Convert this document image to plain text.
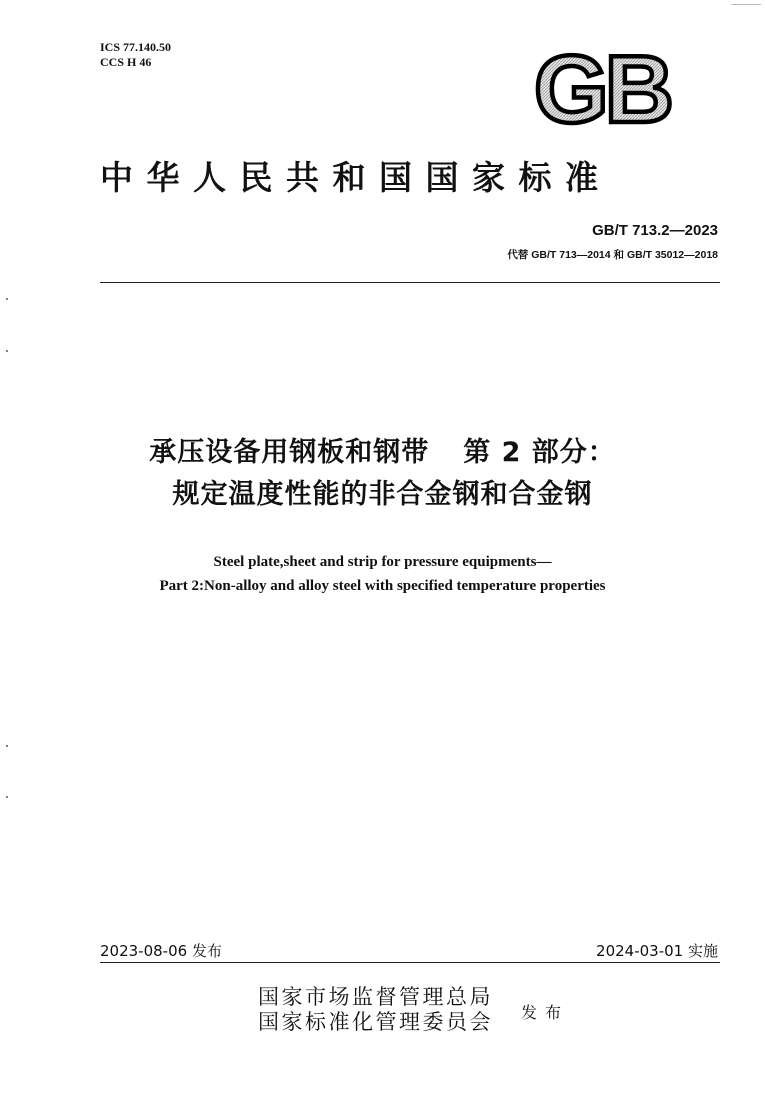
ICS 77.140.50
CCS H 46	GB
中华人民共和国国家标准
GB/T 713.2—2023
代替 GB/T 713—2014 和 GB/T 35012—2018
承压设备用钢板和钢带 第 2 部分：
规定温度性能的非合金钢和合金钢
Steel plate,sheet and strip for pressure equipments—
Part 2:Non-alloy and alloy steel with specified temperature properties
2023-08-06 发布	2024-03-01 实施
国家市场监督管理总局
国家标准化管理委员会 发布
